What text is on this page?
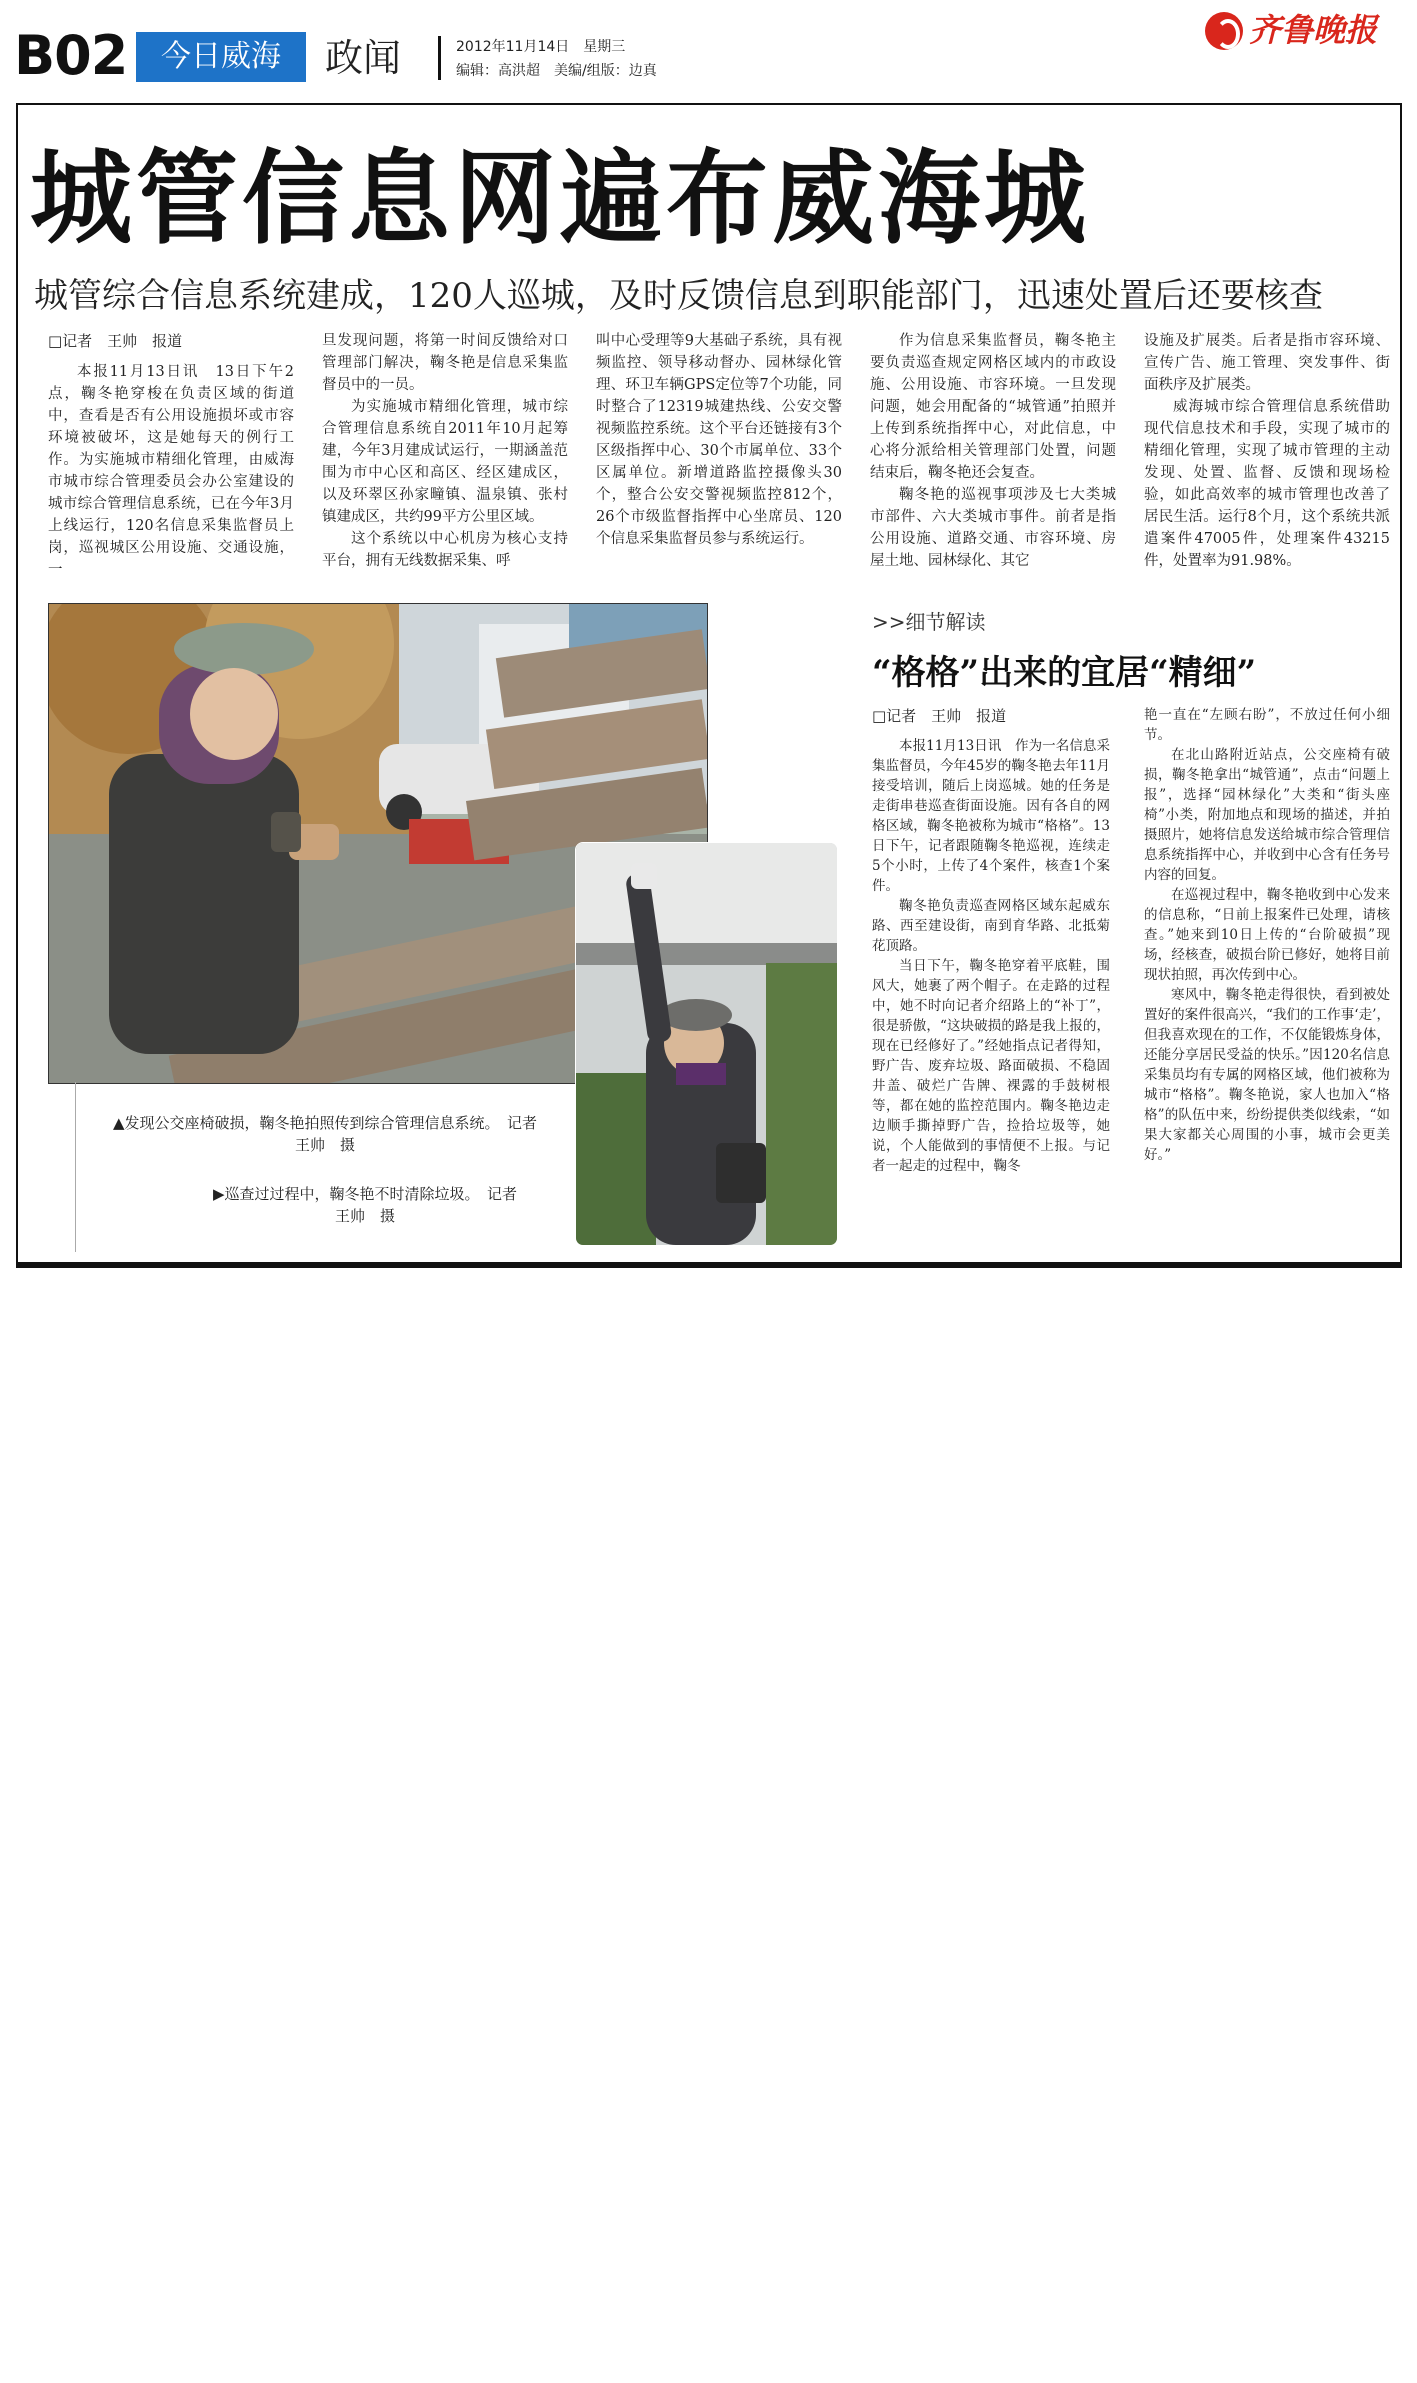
B02	今日威海	政闻	2012年11月14日　星期三
编辑：高洪超　美编/组版：边真
齐鲁晚报
城管信息网遍布威海城
城管综合信息系统建成，120人巡城，及时反馈信息到职能部门，迅速处置后还要核查
□记者　王帅　报道

本报11月13日讯　13日下午2点，鞠冬艳穿梭在负责区域的街道中，查看是否有公用设施损坏或市容环境被破坏，这是她每天的例行工作。为实施城市精细化管理，由威海市城市综合管理委员会办公室建设的城市综合管理信息系统，已在今年3月上线运行，120名信息采集监督员上岗，巡视城区公用设施、交通设施，一

旦发现问题，将第一时间反馈给对口管理部门解决，鞠冬艳是信息采集监督员中的一员。

为实施城市精细化管理，城市综合管理信息系统自2011年10月起筹建，今年3月建成试运行，一期涵盖范围为市中心区和高区、经区建成区，以及环翠区孙家疃镇、温泉镇、张村镇建成区，共约99平方公里区域。

这个系统以中心机房为核心支持平台，拥有无线数据采集、呼

叫中心受理等9大基础子系统，具有视频监控、领导移动督办、园林绿化管理、环卫车辆GPS定位等7个功能，同时整合了12319城建热线、公安交警视频监控系统。这个平台还链接有3个区级指挥中心、30个市属单位、33个区属单位。新增道路监控摄像头30个，整合公安交警视频监控812个，26个市级监督指挥中心坐席员、120个信息采集监督员参与系统运行。

作为信息采集监督员，鞠冬艳主要负责巡查规定网格区域内的市政设施、公用设施、市容环境。一旦发现问题，她会用配备的“城管通”拍照并上传到系统指挥中心，对此信息，中心将分派给相关管理部门处置，问题结束后，鞠冬艳还会复查。

鞠冬艳的巡视事项涉及七大类城市部件、六大类城市事件。前者是指公用设施、道路交通、市容环境、房屋土地、园林绿化、其它

设施及扩展类。后者是指市容环境、宣传广告、施工管理、突发事件、街面秩序及扩展类。

威海城市综合管理信息系统借助现代信息技术和手段，实现了城市的精细化管理，实现了城市管理的主动发现、处置、监督、反馈和现场检验，如此高效率的城市管理也改善了居民生活。运行8个月，这个系统共派遣案件47005件，处理案件43215件，处置率为91.98%。

▲发现公交座椅破损，鞠冬艳拍照传到综合管理信息系统。　记者　王帅　摄
▶巡查过过程中，鞠冬艳不时清除垃圾。　记者　王帅　摄
>>细节解读
“格格”出来的宜居“精细”
□记者　王帅　报道

本报11月13日讯　作为一名信息采集监督员，今年45岁的鞠冬艳去年11月接受培训，随后上岗巡城。她的任务是走街串巷巡查街面设施。因有各自的网格区域，鞠冬艳被称为城市“格格”。13日下午，记者跟随鞠冬艳巡视，连续走5个小时，上传了4个案件，核查1个案件。

鞠冬艳负责巡查网格区域东起威东路、西至建设街，南到育华路、北抵菊花顶路。

当日下午，鞠冬艳穿着平底鞋，围风大，她裹了两个帽子。在走路的过程中，她不时向记者介绍路上的“补丁”，很是骄傲，“这块破损的路是我上报的，现在已经修好了。”经她指点记者得知，野广告、废弃垃圾、路面破损、不稳固井盖、破烂广告牌、裸露的手鼓树根等，都在她的监控范围内。鞠冬艳边走边顺手撕掉野广告，捡拾垃圾等，她说，个人能做到的事情便不上报。与记者一起走的过程中，鞠冬

艳一直在“左顾右盼”，不放过任何小细节。

在北山路附近站点，公交座椅有破损，鞠冬艳拿出“城管通”，点击“问题上报”，选择“园林绿化”大类和“街头座椅”小类，附加地点和现场的描述，并拍摄照片，她将信息发送给城市综合管理信息系统指挥中心，并收到中心含有任务号内容的回复。

在巡视过程中，鞠冬艳收到中心发来的信息称，“日前上报案件已处理，请核查。”她来到10日上传的“台阶破损”现场，经核查，破损台阶已修好，她将目前现状拍照，再次传到中心。

寒风中，鞠冬艳走得很快，看到被处置好的案件很高兴，“我们的工作事‘走’，但我喜欢现在的工作，不仅能锻炼身体，还能分享居民受益的快乐。”因120名信息采集员均有专属的网格区域，他们被称为城市“格格”。鞠冬艳说，家人也加入“格格”的队伍中来，纷纷提供类似线索，“如果大家都关心周围的小事，城市会更美好。”
